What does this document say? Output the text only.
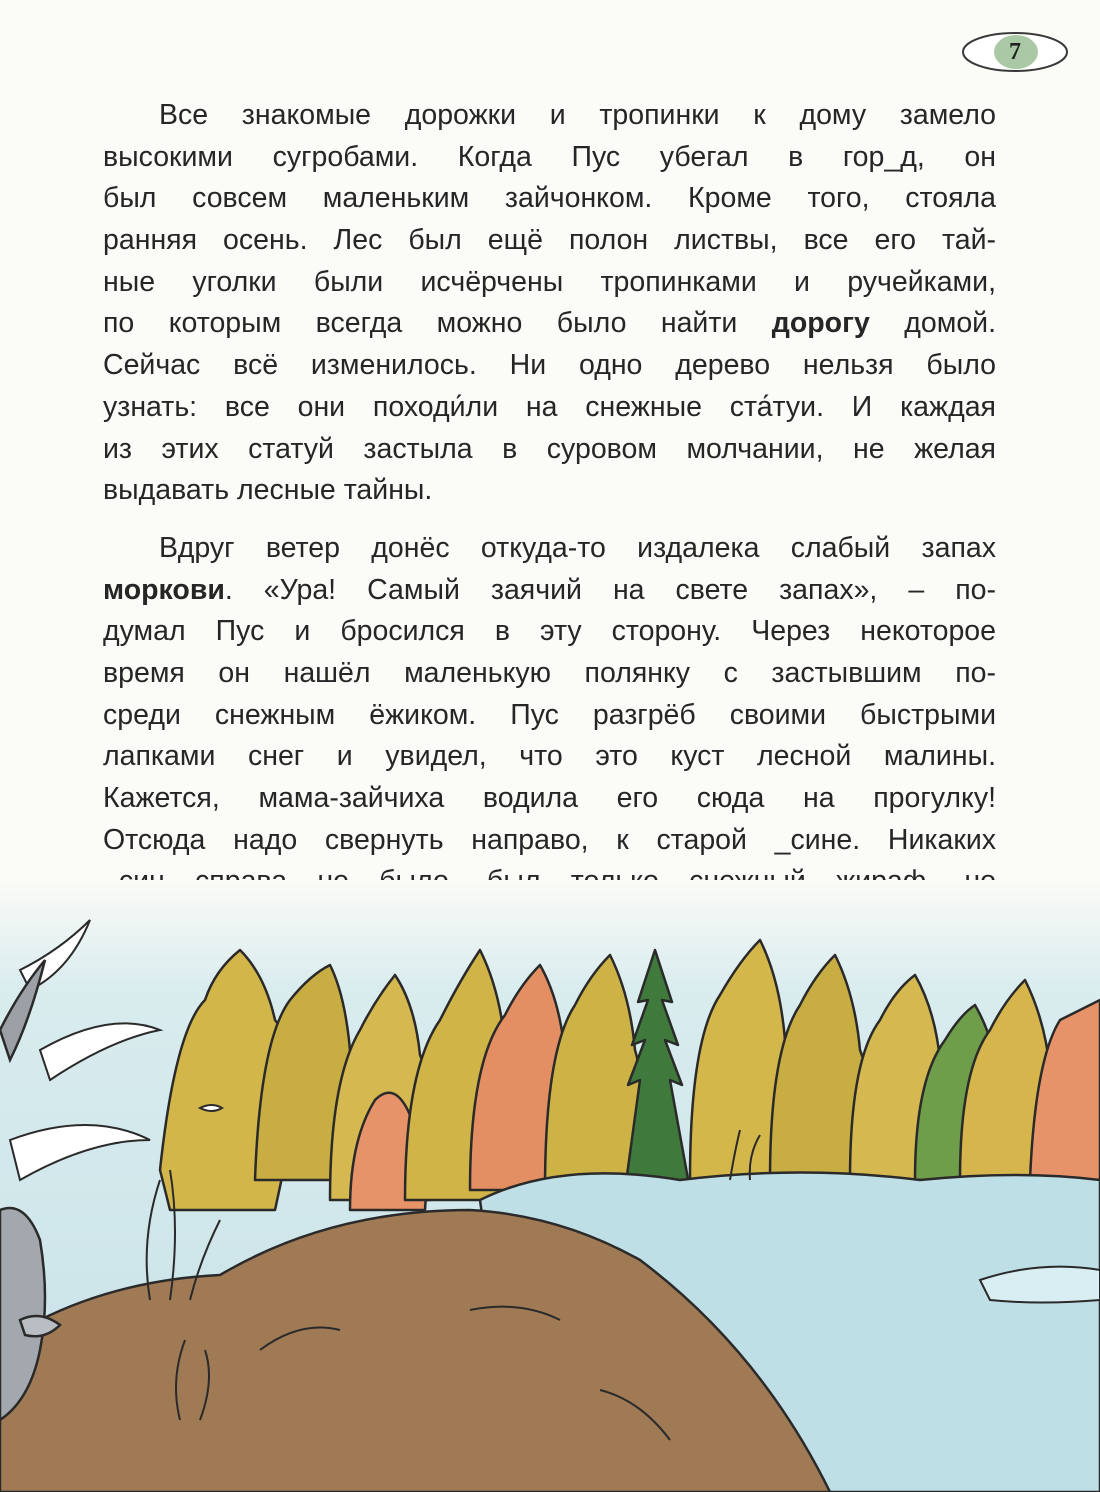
7
Все знакомые дорожки и тропинки к дому замело
высокими сугробами. Когда Пус убегал в гор_д, он
был совсем маленьким зайчонком. Кроме того, стояла
ранняя осень. Лес был ещё полон листвы, все его тай-
ные уголки были исчёрчены тропинками и ручейками,
по которым всегда можно было найти дорогу домой.
Сейчас всё изменилось. Ни одно дерево нельзя было
узнать: все они походи́ли на снежные ста́туи. И каждая
из этих статуй застыла в суровом молчании, не желая
выдавать лесные тайны.
Вдруг ветер донёс откуда-то издалека слабый запах
моркови. «Ура! Самый заячий на свете запах», – по-
думал Пус и бросился в эту сторону. Через некоторое
время он нашёл маленькую полянку с застывшим по-
среди снежным ёжиком. Пус разгрёб своими быстрыми
лапками снег и увидел, что это куст лесной малины.
Кажется, мама-зайчиха водила его сюда на прогулку!
Отсюда надо свернуть направо, к старой _сине. Никаких
